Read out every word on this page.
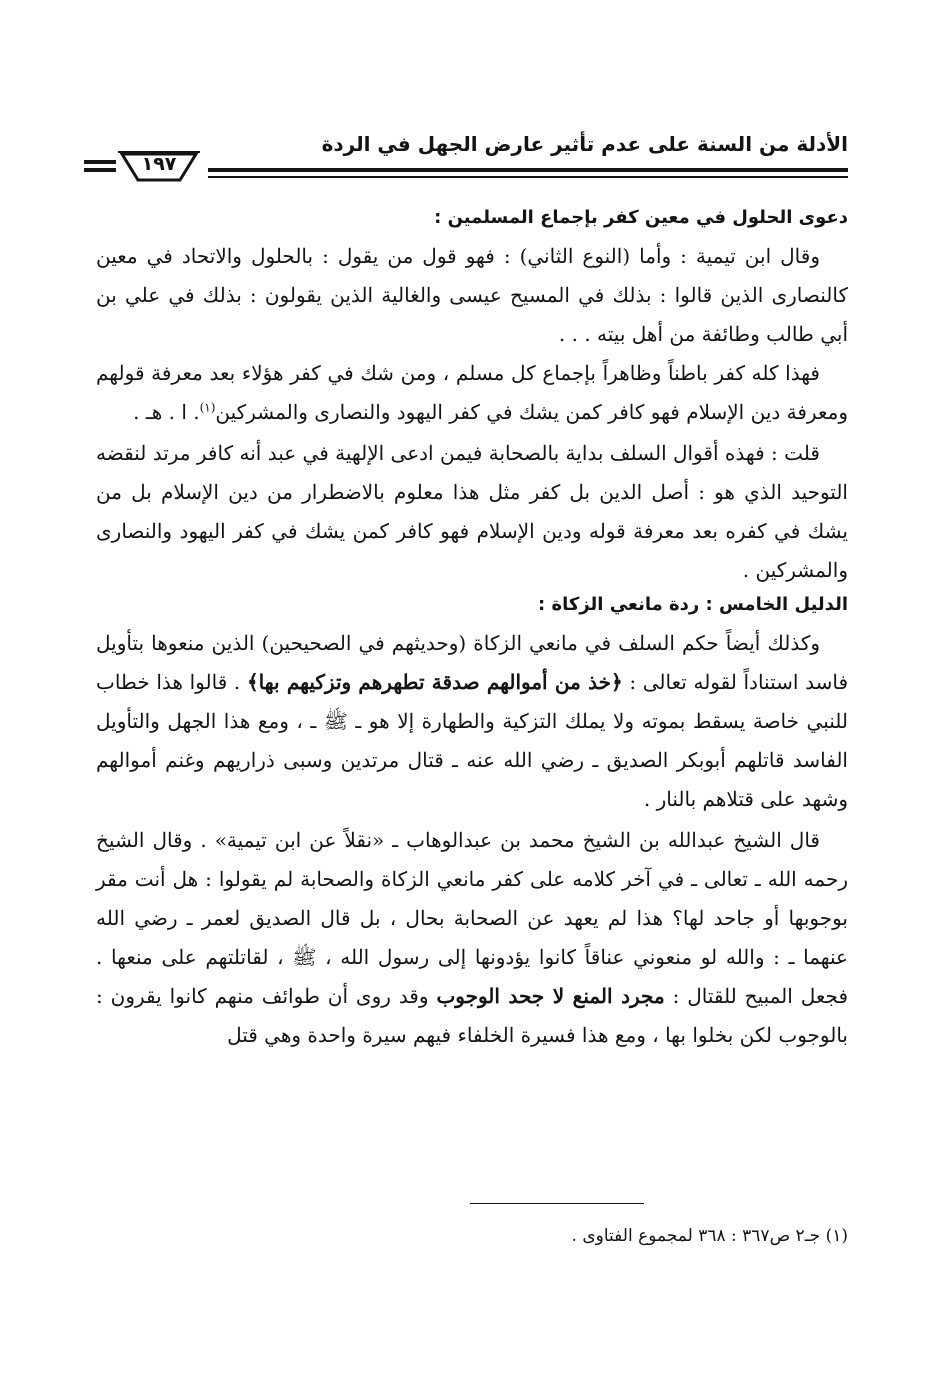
الأدلة من السنة على عدم تأثير عارض الجهل في الردة
١٩٧
دعوى الحلول في معين كفر بإجماع المسلمين :

وقال ابن تيمية : وأما (النوع الثاني) : فهو قول من يقول : بالحلول والاتحاد في معين كالنصارى الذين قالوا : بذلك في المسيح عيسى والغالية الذين يقولون : بذلك في علي بن أبي طالب وطائفة من أهل بيته . . .

فهذا كله كفر باطناً وظاهراً بإجماع كل مسلم ، ومن شك في كفر هؤلاء بعد معرفة قولهم ومعرفة دين الإسلام فهو كافر كمن يشك في كفر اليهود والنصارى والمشركين$^{(١)}$. ا . هـ .

قلت : فهذه أقوال السلف بداية بالصحابة فيمن ادعى الإلهية في عبد أنه كافر مرتد لنقضه التوحيد الذي هو : أصل الدين بل كفر مثل هذا معلوم بالاضطرار من دين الإسلام بل من يشك في كفره بعد معرفة قوله ودين الإسلام فهو كافر كمن يشك في كفر اليهود والنصارى والمشركين .

الدليل الخامس : ردة مانعي الزكاة :

وكذلك أيضاً حكم السلف في مانعي الزكاة (وحديثهم في الصحيحين) الذين منعوها بتأويل فاسد استناداً لقوله تعالى : ﴿خذ من أموالهم صدقة تطهرهم وتزكيهم بها﴾ . قالوا هذا خطاب للنبي خاصة يسقط بموته ولا يملك التزكية والطهارة إلا هو ـ ﷺ ـ ، ومع هذا الجهل والتأويل الفاسد قاتلهم أبوبكر الصديق ـ رضي الله عنه ـ قتال مرتدين وسبى ذراريهم وغنم أموالهم وشهد على قتلاهم بالنار .

قال الشيخ عبدالله بن الشيخ محمد بن عبدالوهاب ـ «نقلاً عن ابن تيمية» . وقال الشيخ رحمه الله ـ تعالى ـ في آخر كلامه على كفر مانعي الزكاة والصحابة لم يقولوا : هل أنت مقر بوجوبها أو جاحد لها؟ هذا لم يعهد عن الصحابة بحال ، بل قال الصديق لعمر ـ رضي الله عنهما ـ : والله لو منعوني عناقاً كانوا يؤدونها إلى رسول الله ، ﷺ ، لقاتلتهم على منعها . فجعل المبيح للقتال : مجرد المنع لا جحد الوجوب وقد روى أن طوائف منهم كانوا يقرون : بالوجوب لكن بخلوا بها ، ومع هذا فسيرة الخلفاء فيهم سيرة واحدة وهي قتل

(١) جـ٢ ص٣٦٧ : ٣٦٨ لمجموع الفتاوى .
